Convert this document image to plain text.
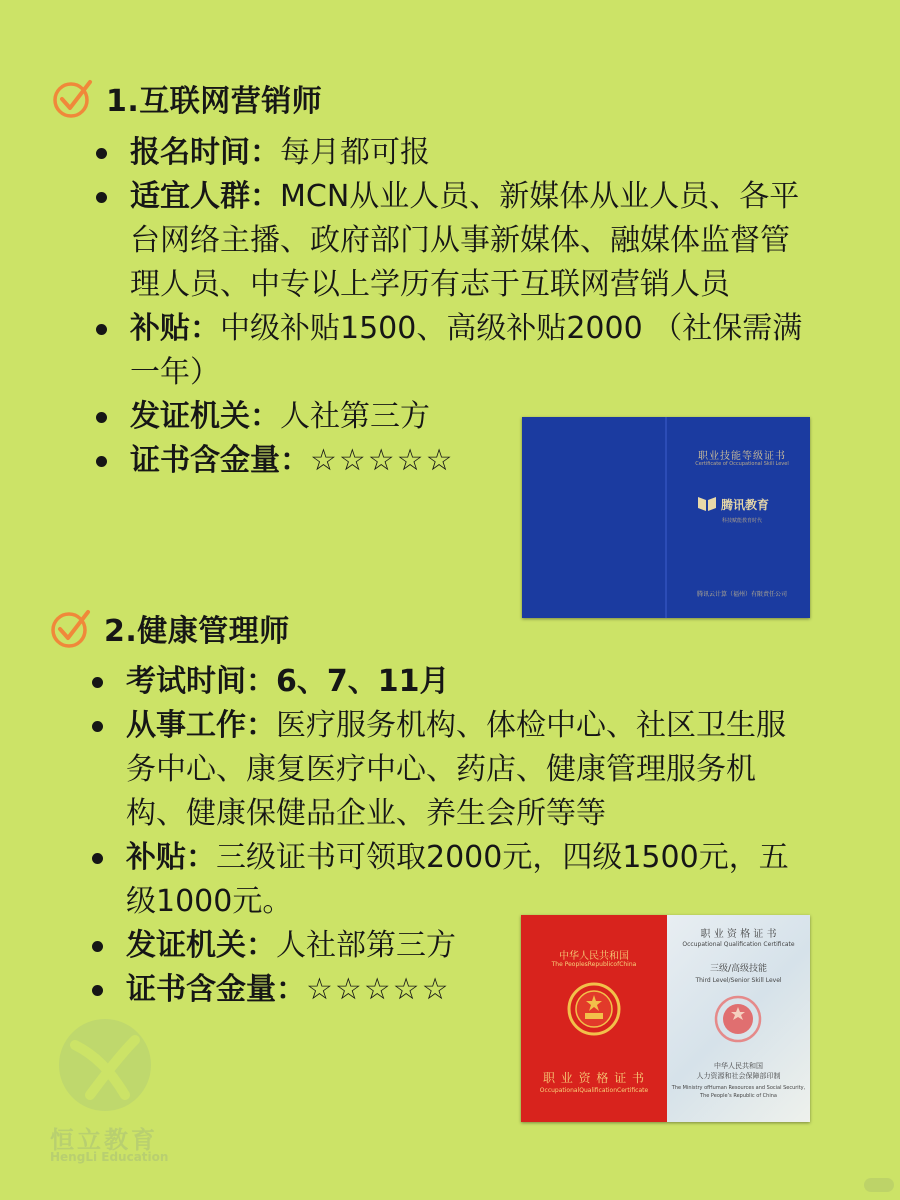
1.互联网营销师
报名时间：每月都可报
适宜人群：MCN从业人员、新媒体从业人员、各平台网络主播、政府部门从事新媒体、融媒体监督管理人员、中专以上学历有志于互联网营销人员
补贴：中级补贴1500、高级补贴2000 （社保需满一年）
发证机关：人社第三方
证书含金量：☆☆☆☆☆	职业技能等级证书
Certificate of Occupational Skill Level
腾讯教育
科技赋能教育时代
腾讯云计算（福州）有限责任公司
2.健康管理师
考试时间：6、7、11月
从事工作：医疗服务机构、体检中心、社区卫生服务中心、康复医疗中心、药店、健康管理服务机构、健康保健品企业、养生会所等等
补贴：三级证书可领取2000元，四级1500元，五级1000元。
发证机关：人社部第三方
证书含金量：☆☆☆☆☆
中华人民共和国
The PeoplesRepublicofChina
职 业 资 格 证 书
OccupationalQualificationCertificate
职 业 资 格 证 书
Occupational Qualification Certificate
三级/高级技能
Third Level/Senior Skill Level
中华人民共和国
人力资源和社会保障部印制
The Ministry ofHuman Resources and Social Security,
The People’s Republic of China
恒立教育
HengLi Education
